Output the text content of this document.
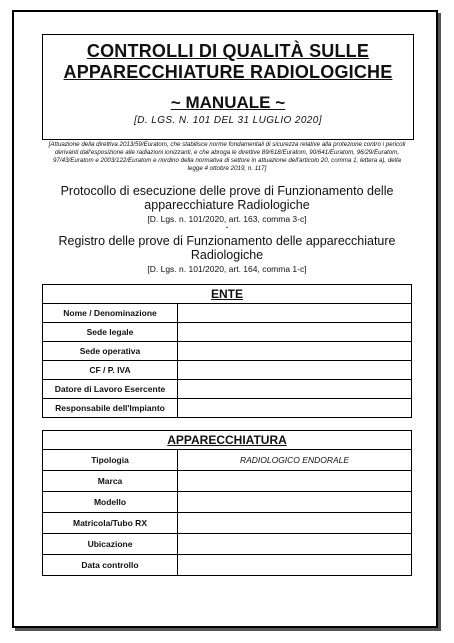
CONTROLLI DI QUALITÀ SULLE
APPARECCHIATURE RADIOLOGICHE
~ MANUALE ~
[D. LGS. N. 101 DEL 31 LUGLIO 2020]
[Attuazione della direttiva 2013/59/Euratom, che stabilisce norme fondamentali di sicurezza relative alla protezione contro i pericoli derivanti dall'esposizione alle radiazioni ionizzanti, e che abroga le direttive 89/618/Euratom, 90/641/Euratom, 96/29/Euratom, 97/43/Euratom e 2003/122/Euratom e riordino della normativa di settore in attuazione dell'articolo 20, comma 1, lettera a), della legge 4 ottobre 2019, n. 117]
Protocollo di esecuzione delle prove di Funzionamento delle apparecchiature Radiologiche
[D. Lgs. n. 101/2020, art. 163, comma 3-c]
-
Registro delle prove di Funzionamento delle apparecchiature Radiologiche
[D. Lgs. n. 101/2020, art. 164, comma 1-c]
ENTE	
Nome / Denominazione	
Sede legale	
Sede operativa	
CF / P. IVA	
Datore di Lavoro Esercente	
Responsabile dell'Impianto	
APPARECCHIATURA	
Tipologia	RADIOLOGICO ENDORALE
Marca	
Modello	
Matricola/Tubo RX	
Ubicazione	
Data controllo	
